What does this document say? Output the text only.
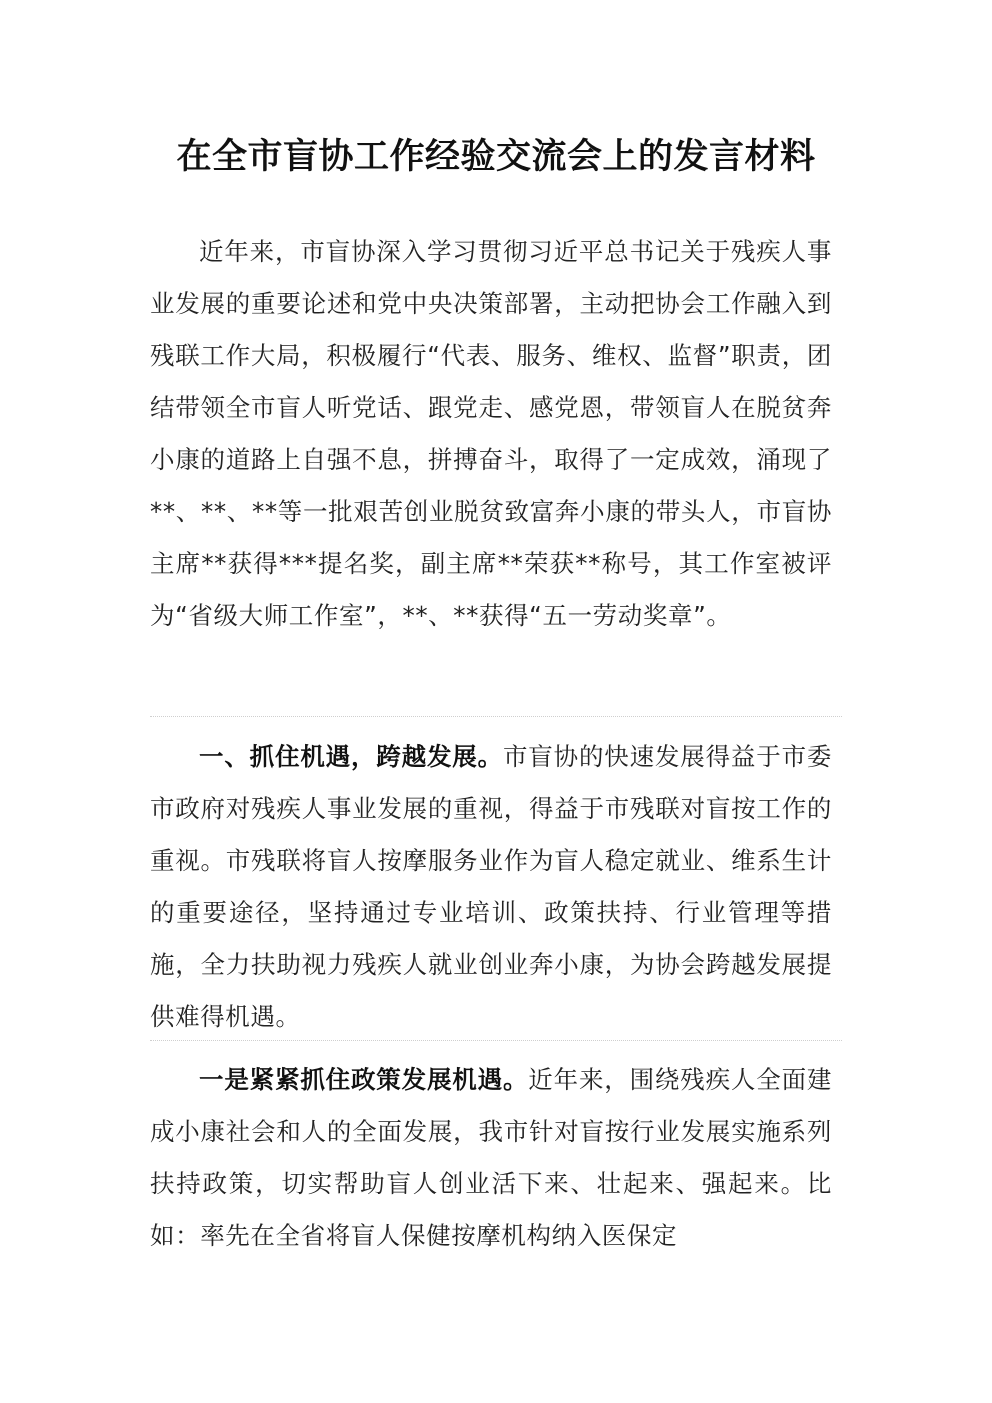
在全市盲协工作经验交流会上的发言材料

近年来，市盲协深入学习贯彻习近平总书记关于残疾人事业发展的重要论述和党中央决策部署，主动把协会工作融入到残联工作大局，积极履行“代表、服务、维权、监督”职责，团结带领全市盲人听党话、跟党走、感党恩，带领盲人在脱贫奔小康的道路上自强不息，拼搏奋斗，取得了一定成效，涌现了**、**、**等一批艰苦创业脱贫致富奔小康的带头人，市盲协主席**获得***提名奖，副主席**荣获**称号，其工作室被评为“省级大师工作室”，**、**获得“五一劳动奖章”。

一、抓住机遇，跨越发展。市盲协的快速发展得益于市委市政府对残疾人事业发展的重视，得益于市残联对盲按工作的重视。市残联将盲人按摩服务业作为盲人稳定就业、维系生计的重要途径，坚持通过专业培训、政策扶持、行业管理等措施，全力扶助视力残疾人就业创业奔小康，为协会跨越发展提供难得机遇。

一是紧紧抓住政策发展机遇。近年来，围绕残疾人全面建成小康社会和人的全面发展，我市针对盲按行业发展实施系列扶持政策，切实帮助盲人创业活下来、壮起来、强起来。比如：率先在全省将盲人保健按摩机构纳入医保定
